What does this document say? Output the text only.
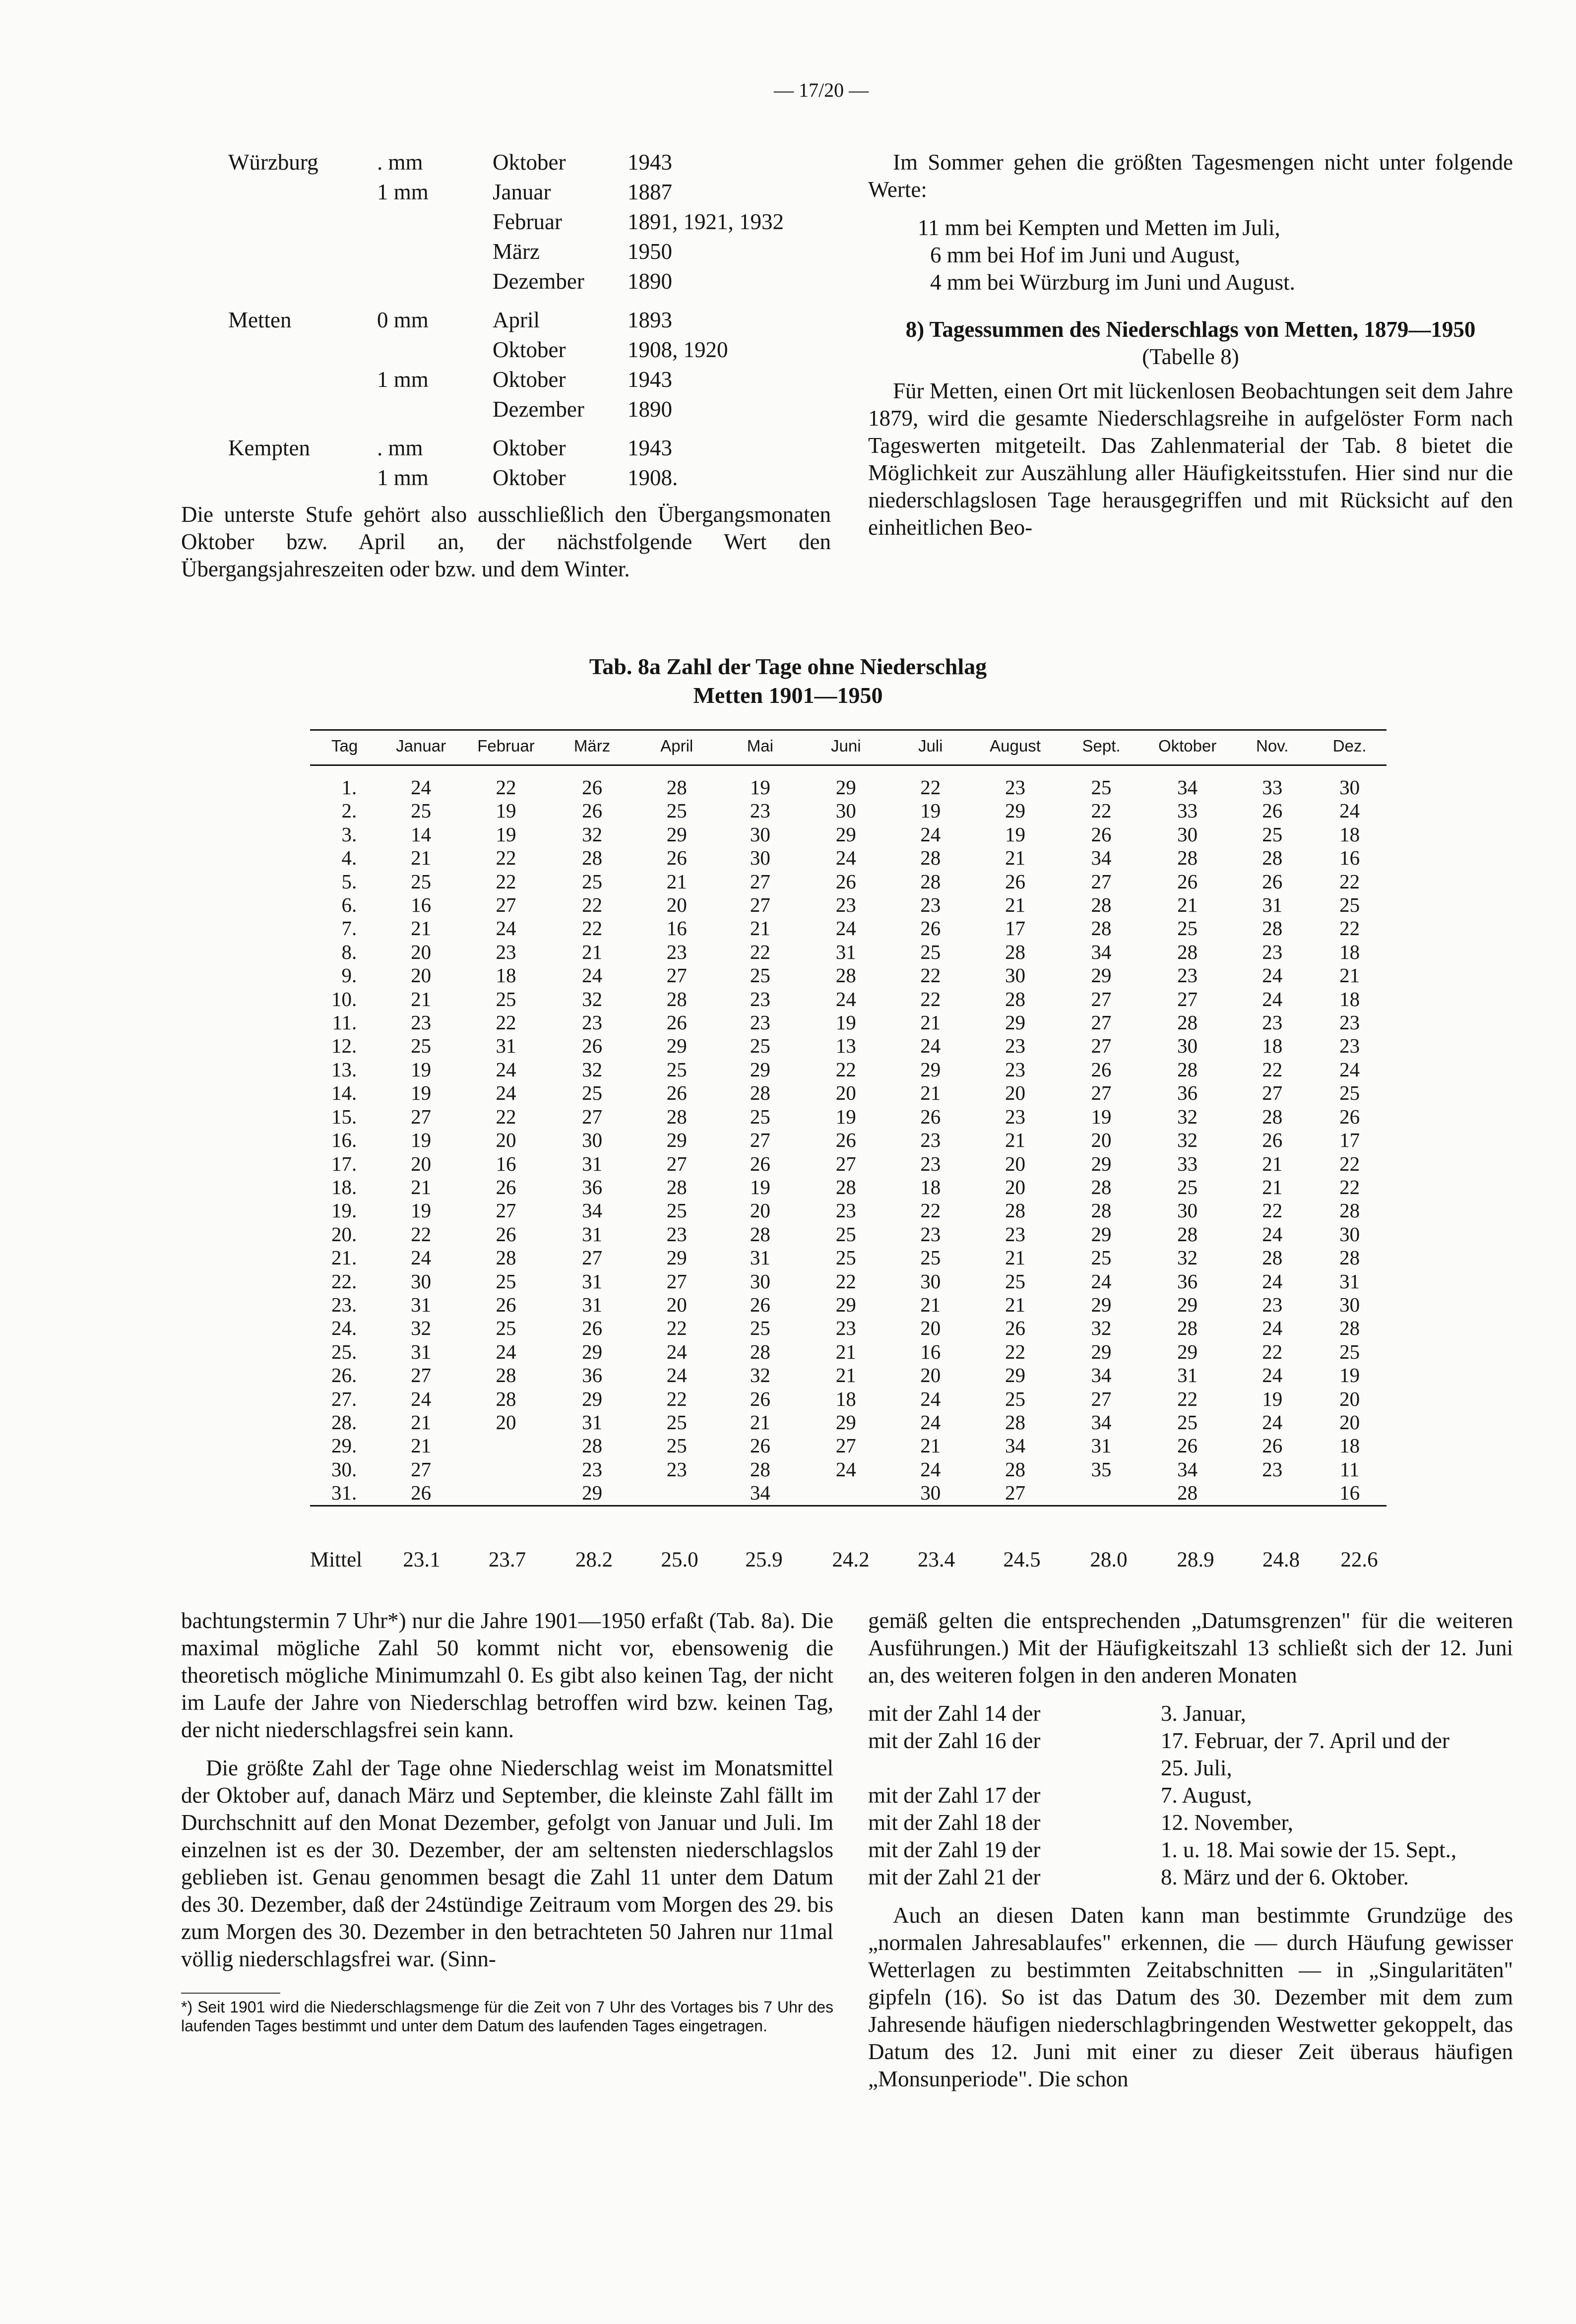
— 17/20 —
Würzburg	. mm	Oktober	1943
1 mm	Januar	1887
Februar	1891, 1921, 1932
März	1950
Dezember 1890
Metten	0 mm	April	1893
Oktober	1908, 1920
1 mm	Oktober	1943
Dezember 1890
Kempten	. mm	Oktober	1943
1 mm	Oktober	1908.

Die unterste Stufe gehört also ausschließlich den Übergangsmonaten Oktober bzw. April an, der nächstfolgende Wert den Übergangsjahreszeiten oder bzw. und dem Winter.

Im Sommer gehen die größten Tagesmengen nicht unter folgende Werte:

11 mm bei Kempten und Metten im Juli,
6 mm bei Hof im Juni und August,
4 mm bei Würzburg im Juni und August.
8) Tagessummen des Niederschlags von Metten, 1879—1950
(Tabelle 8)

Für Metten, einen Ort mit lückenlosen Beobachtungen seit dem Jahre 1879, wird die gesamte Niederschlagsreihe in aufgelöster Form nach Tageswerten mitgeteilt. Das Zahlenmaterial der Tab. 8 bietet die Möglichkeit zur Auszählung aller Häufigkeitsstufen. Hier sind nur die niederschlagslosen Tage herausgegriffen und mit Rücksicht auf den einheitlichen Beo-

Tab. 8a Zahl der Tage ohne Niederschlag
Metten 1901—1950
Tag	Januar	Februar	März	April	Mai	Juni	Juli	August	Sept.	Oktober	Nov.	Dez.
1.	24	22	26	28	19	29	22	23	25	34	33	30
2.	25	19	26	25	23	30	19	29	22	33	26	24
3.	14	19	32	29	30	29	24	19	26	30	25	18
4.	21	22	28	26	30	24	28	21	34	28	28	16
5.	25	22	25	21	27	26	28	26	27	26	26	22
6.	16	27	22	20	27	23	23	21	28	21	31	25
7.	21	24	22	16	21	24	26	17	28	25	28	22
8.	20	23	21	23	22	31	25	28	34	28	23	18
9.	20	18	24	27	25	28	22	30	29	23	24	21
10.	21	25	32	28	23	24	22	28	27	27	24	18
11.	23	22	23	26	23	19	21	29	27	28	23	23
12.	25	31	26	29	25	13	24	23	27	30	18	23
13.	19	24	32	25	29	22	29	23	26	28	22	24
14.	19	24	25	26	28	20	21	20	27	36	27	25
15.	27	22	27	28	25	19	26	23	19	32	28	26
16.	19	20	30	29	27	26	23	21	20	32	26	17
17.	20	16	31	27	26	27	23	20	29	33	21	22
18.	21	26	36	28	19	28	18	20	28	25	21	22
19.	19	27	34	25	20	23	22	28	28	30	22	28
20.	22	26	31	23	28	25	23	23	29	28	24	30
21.	24	28	27	29	31	25	25	21	25	32	28	28
22.	30	25	31	27	30	22	30	25	24	36	24	31
23.	31	26	31	20	26	29	21	21	29	29	23	30
24.	32	25	26	22	25	23	20	26	32	28	24	28
25.	31	24	29	24	28	21	16	22	29	29	22	25
26.	27	28	36	24	32	21	20	29	34	31	24	19
27.	24	28	29	22	26	18	24	25	27	22	19	20
28.	21	20	31	25	21	29	24	28	34	25	24	20
29.	21		28	25	26	27	21	34	31	26	26	18
30.	27		23	23	28	24	24	28	35	34	23	11
31.	26		29		34		30	27		28		16
Mittel	23.1	23.7	28.2	25.0	25.9	24.2	23.4	24.5	28.0	28.9	24.8	22.6

bachtungstermin 7 Uhr*) nur die Jahre 1901—1950 erfaßt (Tab. 8a). Die maximal mögliche Zahl 50 kommt nicht vor, ebensowenig die theoretisch mögliche Minimumzahl 0. Es gibt also keinen Tag, der nicht im Laufe der Jahre von Niederschlag betroffen wird bzw. keinen Tag, der nicht niederschlagsfrei sein kann.

Die größte Zahl der Tage ohne Niederschlag weist im Monatsmittel der Oktober auf, danach März und September, die kleinste Zahl fällt im Durchschnitt auf den Monat Dezember, gefolgt von Januar und Juli. Im einzelnen ist es der 30. Dezember, der am seltensten niederschlagslos geblieben ist. Genau genommen besagt die Zahl 11 unter dem Datum des 30. Dezember, daß der 24stündige Zeitraum vom Morgen des 29. bis zum Morgen des 30. Dezember in den betrachteten 50 Jahren nur 11mal völlig niederschlagsfrei war. (Sinn-

*) Seit 1901 wird die Niederschlagsmenge für die Zeit von 7 Uhr des Vortages bis 7 Uhr des laufenden Tages bestimmt und unter dem Datum des laufenden Tages eingetragen.

gemäß gelten die entsprechenden „Datumsgrenzen" für die weiteren Ausführungen.) Mit der Häufigkeitszahl 13 schließt sich der 12. Juni an, des weiteren folgen in den anderen Monaten

mit der Zahl 14 der	3. Januar,
mit der Zahl 16 der	17. Februar, der 7. April und der
25. Juli,
mit der Zahl 17 der	7. August,
mit der Zahl 18 der	12. November,
mit der Zahl 19 der	1. u. 18. Mai sowie der 15. Sept.,
mit der Zahl 21 der	8. März und der 6. Oktober.

Auch an diesen Daten kann man bestimmte Grundzüge des „normalen Jahresablaufes" erkennen, die — durch Häufung gewisser Wetterlagen zu bestimmten Zeitabschnitten — in „Singularitäten" gipfeln (16). So ist das Datum des 30. Dezember mit dem zum Jahresende häufigen niederschlagbringenden Westwetter gekoppelt, das Datum des 12. Juni mit einer zu dieser Zeit überaus häufigen „Monsunperiode". Die schon
